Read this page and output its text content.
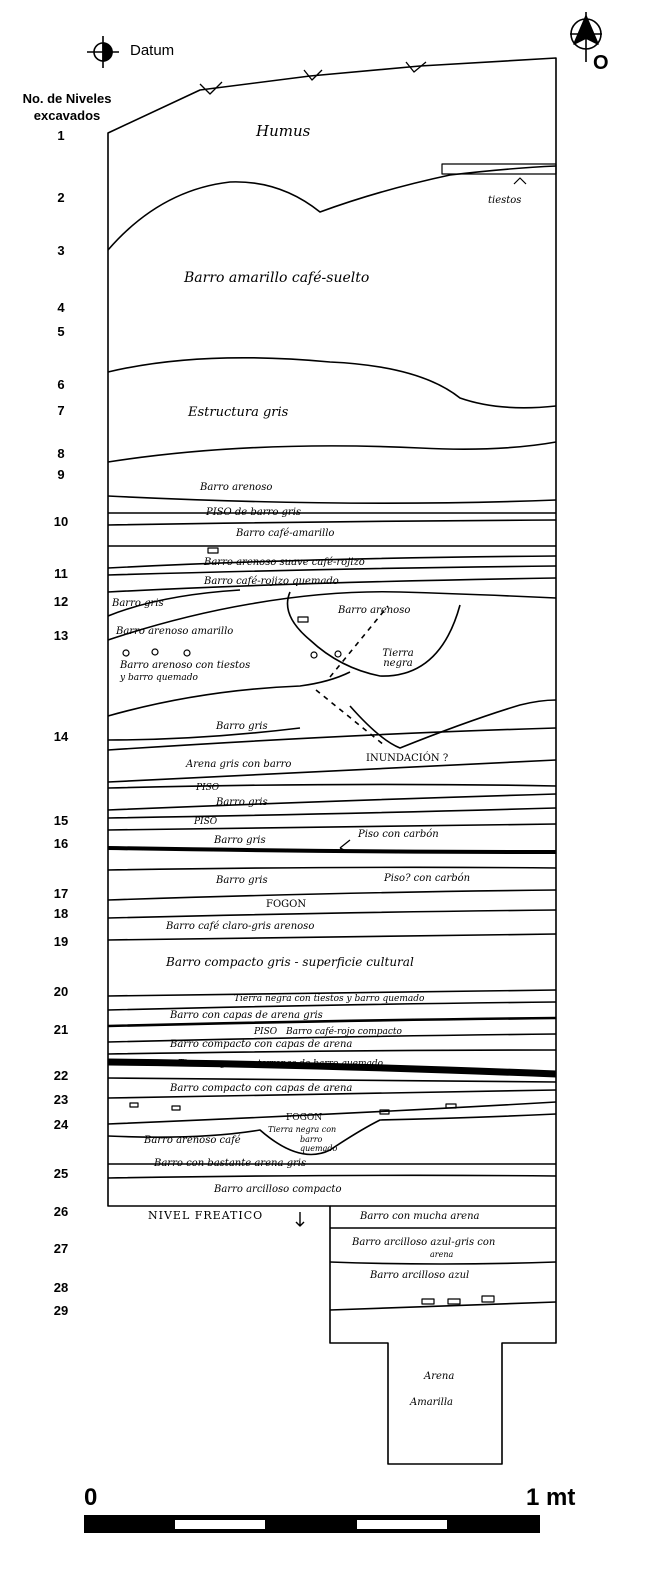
Datum
O
No. de Niveles excavados
1
2
3
4
5
6
7
8
9
10
11
12
13
14
15
16
17
18
19
20
21
22
23
24
25
26
27
28
29
Humus
tiestos
Barro amarillo café-suelto
Estructura gris
Barro arenoso
PISO de barro gris
Barro café-amarillo
Barro arenoso suave café-rojizo
Barro café-rojizo quemado
Barro gris
Barro arenoso
Barro arenoso amarillo
Tierra negra
Barro arenoso con tiestos
y barro quemado
Barro gris
Arena gris con barro
INUNDACIÓN ?
PISO
Barro gris
PISO
Barro gris
Piso con carbón
Barro gris	Piso? con carbón
FOGON
Barro café claro-gris arenoso
Barro compacto gris - superficie cultural
Tierra negra con tiestos y barro quemado
Barro con capas de arena gris
PISO Barro café-rojo compacto
Barro compacto con capas de arena
Tierra negra con terrones de barro quemado
Barro compacto con capas de arena
FOGON
Tierra negra con
barro
quemado
Barro arenoso café
Barro con bastante arena gris
Barro arcilloso compacto
NIVEL FREATICO	Barro con mucha arena
Barro arcilloso azul-gris con
arena
Barro arcilloso azul
Arena
Amarilla
0	1 mt
